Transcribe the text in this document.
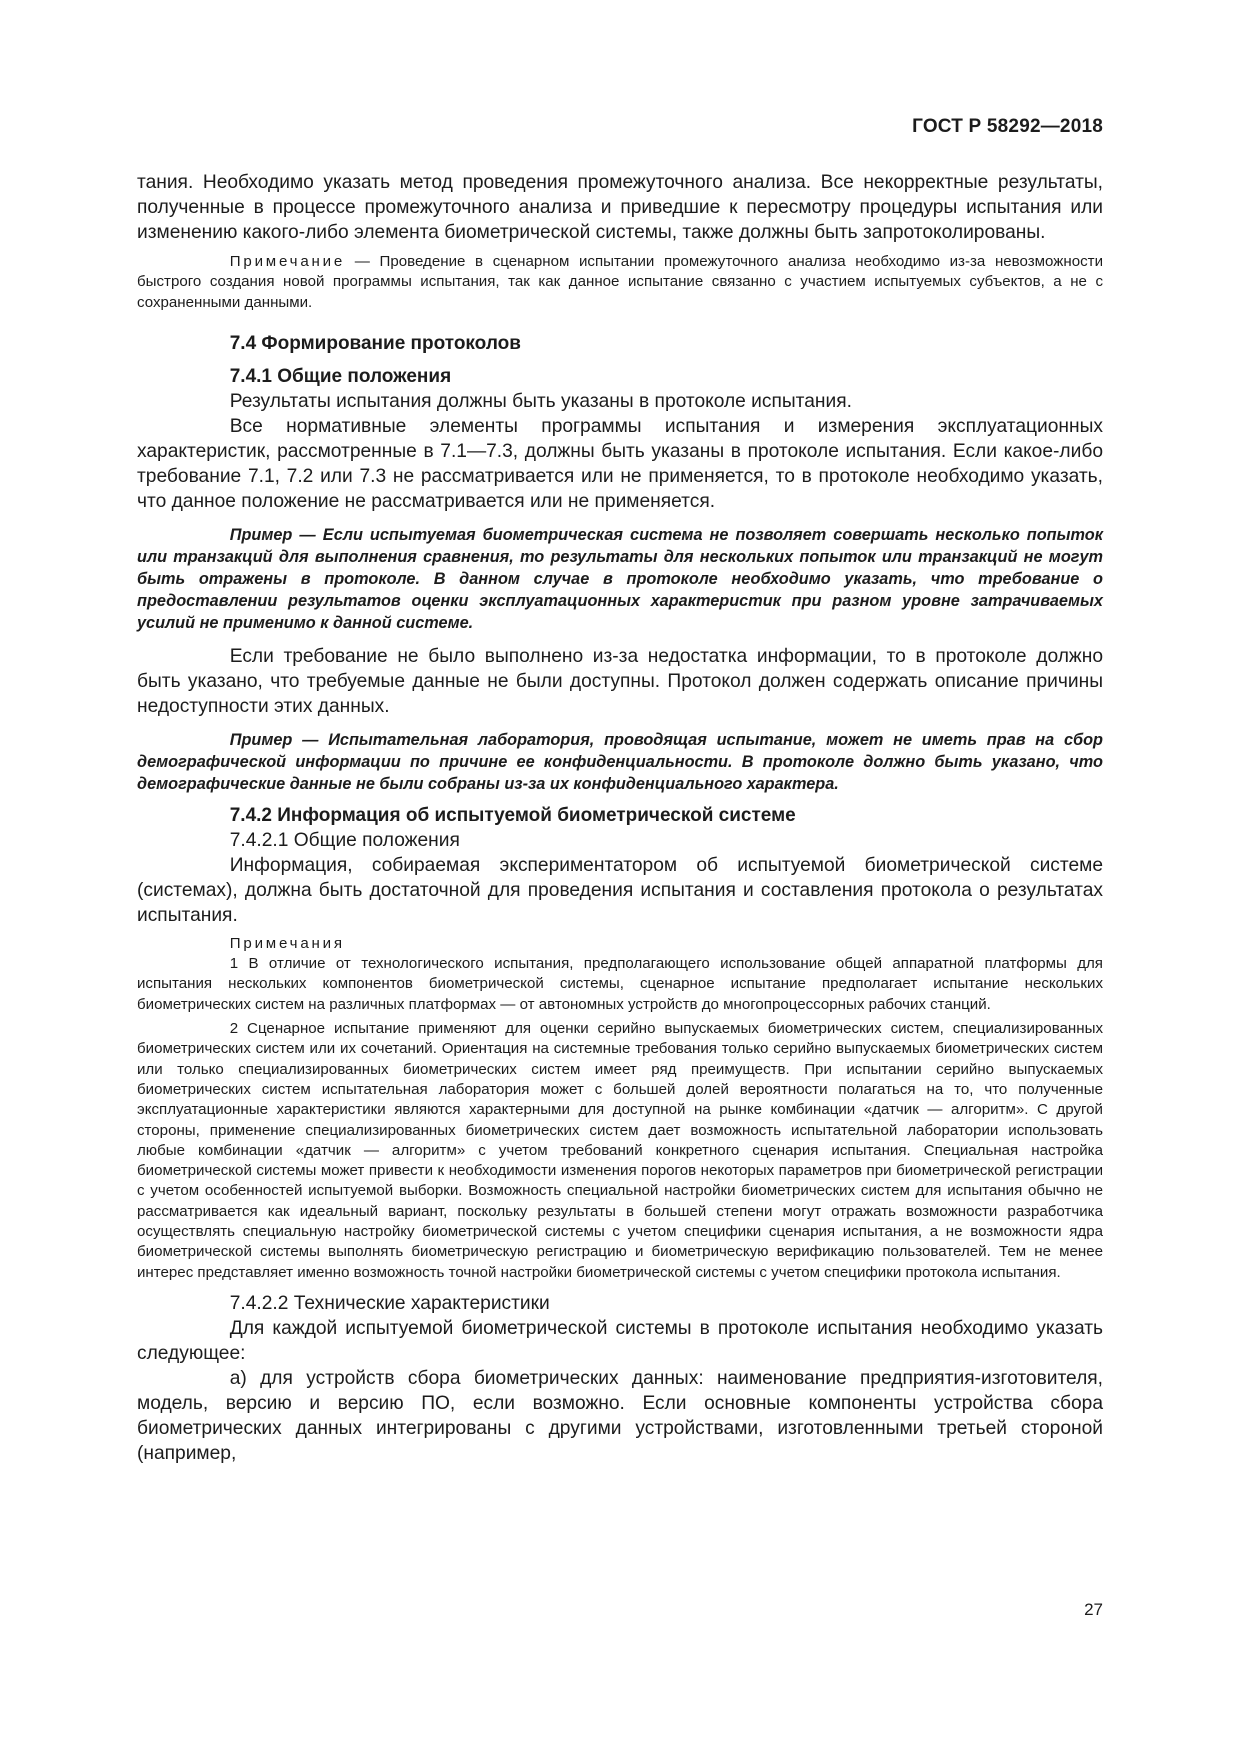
ГОСТ Р 58292—2018

тания. Необходимо указать метод проведения промежуточного анализа. Все некорректные результаты, полученные в процессе промежуточного анализа и приведшие к пересмотру процедуры испытания или изменению какого-либо элемента биометрической системы, также должны быть запротоколированы.

Примечание — Проведение в сценарном испытании промежуточного анализа необходимо из-за невозможности быстрого создания новой программы испытания, так как данное испытание связанно с участием испытуемых субъектов, а не с сохраненными данными.

7.4 Формирование протоколов

7.4.1 Общие положения

Результаты испытания должны быть указаны в протоколе испытания.

Все нормативные элементы программы испытания и измерения эксплуатационных характеристик, рассмотренные в 7.1—7.3, должны быть указаны в протоколе испытания. Если какое-либо требование 7.1, 7.2 или 7.3 не рассматривается или не применяется, то в протоколе необходимо указать, что данное положение не рассматривается или не применяется.

Пример — Если испытуемая биометрическая система не позволяет совершать несколько попыток или транзакций для выполнения сравнения, то результаты для нескольких попыток или транзакций не могут быть отражены в протоколе. В данном случае в протоколе необходимо указать, что требование о предоставлении результатов оценки эксплуатационных характеристик при разном уровне затрачиваемых усилий не применимо к данной системе.

Если требование не было выполнено из-за недостатка информации, то в протоколе должно быть указано, что требуемые данные не были доступны. Протокол должен содержать описание причины недоступности этих данных.

Пример — Испытательная лаборатория, проводящая испытание, может не иметь прав на сбор демографической информации по причине ее конфиденциальности. В протоколе должно быть указано, что демографические данные не были собраны из-за их конфиденциального характера.

7.4.2 Информация об испытуемой биометрической системе

7.4.2.1 Общие положения

Информация, собираемая экспериментатором об испытуемой биометрической системе (системах), должна быть достаточной для проведения испытания и составления протокола о результатах испытания.

Примечания

1 В отличие от технологического испытания, предполагающего использование общей аппаратной платформы для испытания нескольких компонентов биометрической системы, сценарное испытание предполагает испытание нескольких биометрических систем на различных платформах — от автономных устройств до многопроцессорных рабочих станций.

2 Сценарное испытание применяют для оценки серийно выпускаемых биометрических систем, специализированных биометрических систем или их сочетаний. Ориентация на системные требования только серийно выпускаемых биометрических систем или только специализированных биометрических систем имеет ряд преимуществ. При испытании серийно выпускаемых биометрических систем испытательная лаборатория может с большей долей вероятности полагаться на то, что полученные эксплуатационные характеристики являются характерными для доступной на рынке комбинации «датчик — алгоритм». С другой стороны, применение специализированных биометрических систем дает возможность испытательной лаборатории использовать любые комбинации «датчик — алгоритм» с учетом требований конкретного сценария испытания. Специальная настройка биометрической системы может привести к необходимости изменения порогов некоторых параметров при биометрической регистрации с учетом особенностей испытуемой выборки. Возможность специальной настройки биометрических систем для испытания обычно не рассматривается как идеальный вариант, поскольку результаты в большей степени могут отражать возможности разработчика осуществлять специальную настройку биометрической системы с учетом специфики сценария испытания, а не возможности ядра биометрической системы выполнять биометрическую регистрацию и биометрическую верификацию пользователей. Тем не менее интерес представляет именно возможность точной настройки биометрической системы с учетом специфики протокола испытания.

7.4.2.2 Технические характеристики

Для каждой испытуемой биометрической системы в протоколе испытания необходимо указать следующее:

а) для устройств сбора биометрических данных: наименование предприятия-изготовителя, модель, версию и версию ПО, если возможно. Если основные компоненты устройства сбора биометрических данных интегрированы с другими устройствами, изготовленными третьей стороной (например,

27
